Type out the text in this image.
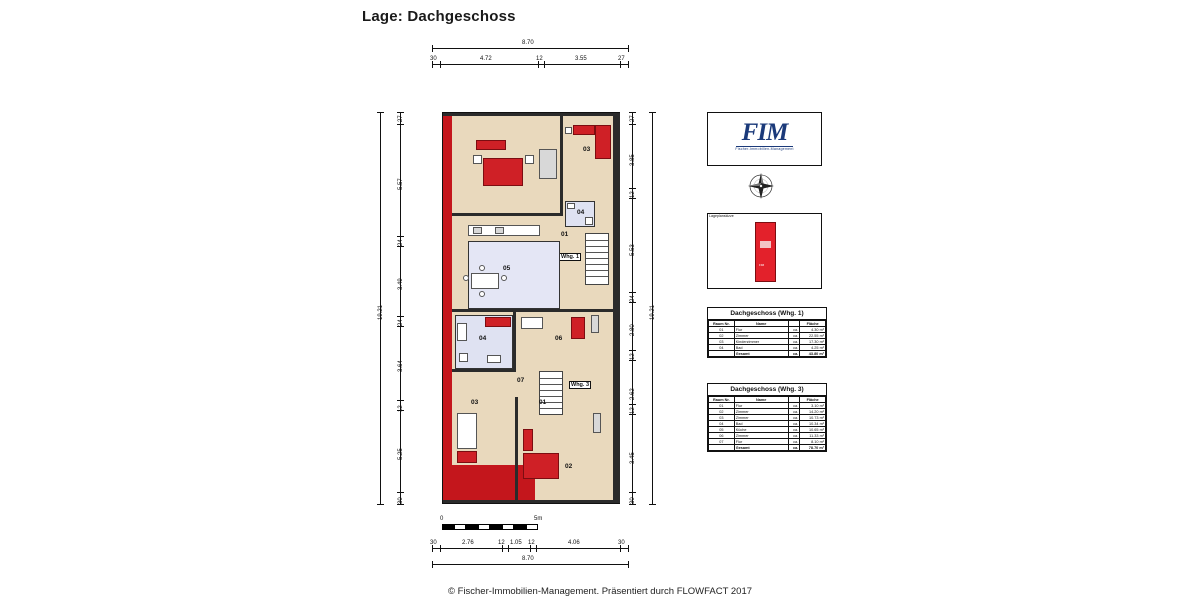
Lage: Dachgeschoss
8.70
30	4.72	12	3.55	27
19.21
27
5.57
24
3.49
24
3.64
12
5.25
30
27
3.85
12
5.53
24
2.80
12
2.62
12
3.45
30
19.21
03
04
01
Whg. 1
05
04	06
07
Whg. 3
03	01
02
0	5m
30	2.76	12 1.05 12	4.06	30
8.70
FIM
Fischer-Immobilien-Management
Lageplanskizze
FIM
Dachgeschoss (Whg. 1)
Raum Nr.	Name		Fläche
01	Flur	ca.	4.30 m²
02	Zimmer	ca.	22.55 m²
03	Kinderzimmer	ca.	17.30 m²
04	Bad	ca.	4.25 m²
	Gesamt	ca.	43.80 m²
Dachgeschoss (Whg. 3)
Raum Nr.	Name		Fläche
01	Flur	ca.	3.10 m²
02	Zimmer	ca.	14.20 m²
03	Zimmer	ca.	10.73 m²
04	Bad	ca.	10.34 m²
05	Küche	ca.	10.65 m²
06	Zimmer	ca.	11.33 m²
07	Flur	ca.	8.10 m²
	Gesamt	ca.	78.70 m²
© Fischer-Immobilien-Management. Präsentiert durch FLOWFACT 2017
